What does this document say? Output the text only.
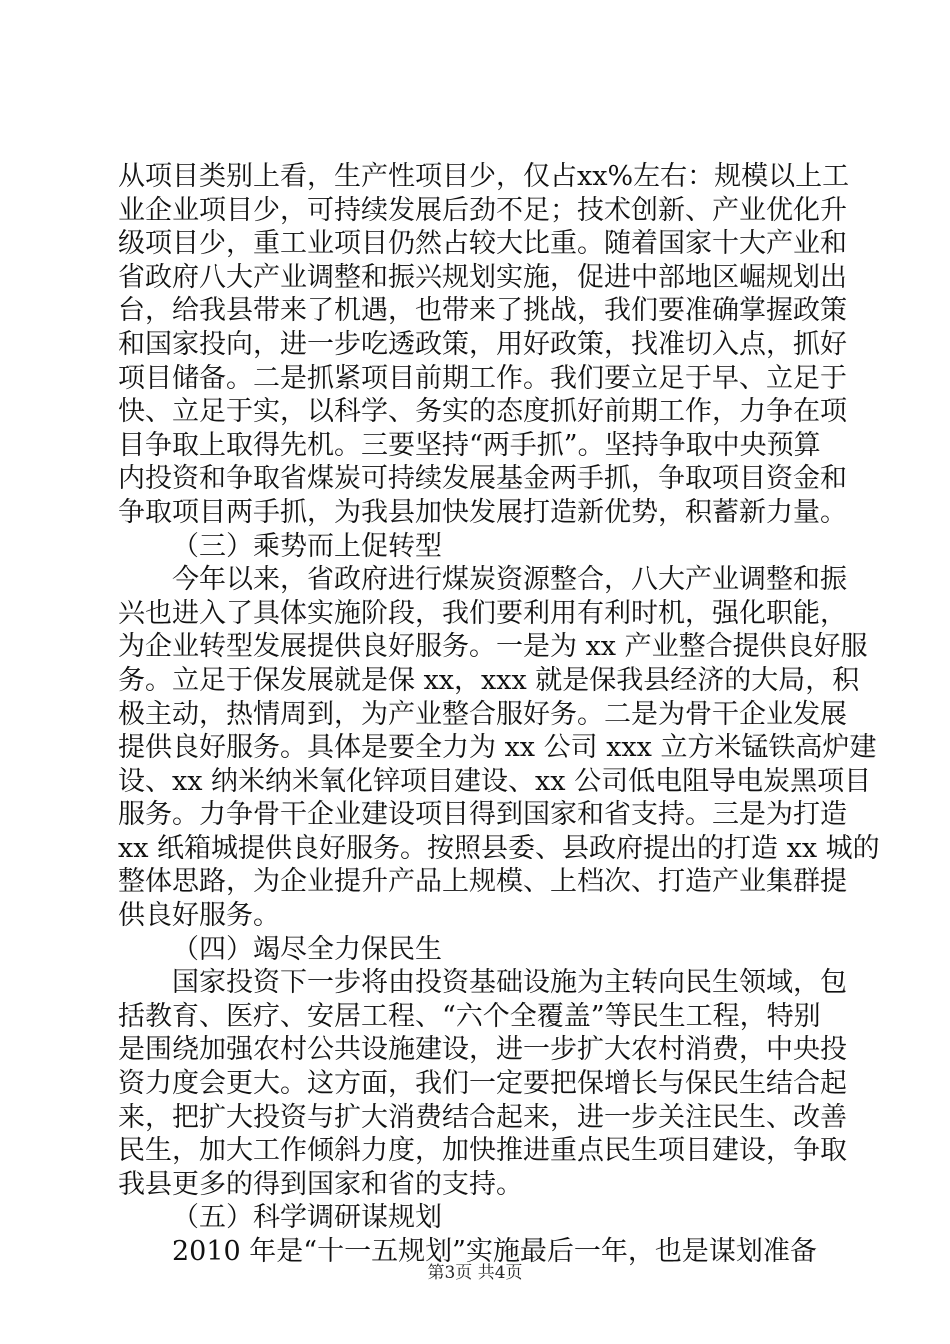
从项目类别上看，生产性项目少，仅占xx%左右：规模以上工
业企业项目少，可持续发展后劲不足；技术创新、产业优化升
级项目少，重工业项目仍然占较大比重。随着国家十大产业和
省政府八大产业调整和振兴规划实施，促进中部地区崛规划出
台，给我县带来了机遇，也带来了挑战，我们要准确掌握政策
和国家投向，进一步吃透政策，用好政策，找准切入点，抓好
项目储备。二是抓紧项目前期工作。我们要立足于早、立足于
快、立足于实，以科学、务实的态度抓好前期工作，力争在项
目争取上取得先机。三要坚持“两手抓”。坚持争取中央预算
内投资和争取省煤炭可持续发展基金两手抓，争取项目资金和
争取项目两手抓，为我县加快发展打造新优势，积蓄新力量。
（三）乘势而上促转型
今年以来，省政府进行煤炭资源整合，八大产业调整和振
兴也进入了具体实施阶段，我们要利用有利时机，强化职能，
为企业转型发展提供良好服务。一是为 xx 产业整合提供良好服
务。立足于保发展就是保 xx，xxx 就是保我县经济的大局，积
极主动，热情周到，为产业整合服好务。二是为骨干企业发展
提供良好服务。具体是要全力为 xx 公司 xxx 立方米锰铁高炉建
设、xx 纳米纳米氧化锌项目建设、xx 公司低电阻导电炭黑项目
服务。力争骨干企业建设项目得到国家和省支持。三是为打造
xx 纸箱城提供良好服务。按照县委、县政府提出的打造 xx 城的
整体思路，为企业提升产品上规模、上档次、打造产业集群提
供良好服务。
（四）竭尽全力保民生
国家投资下一步将由投资基础设施为主转向民生领域，包
括教育、医疗、安居工程、“六个全覆盖”等民生工程，特别
是围绕加强农村公共设施建设，进一步扩大农村消费，中央投
资力度会更大。这方面，我们一定要把保增长与保民生结合起
来，把扩大投资与扩大消费结合起来，进一步关注民生、改善
民生，加大工作倾斜力度，加快推进重点民生项目建设，争取
我县更多的得到国家和省的支持。
（五）科学调研谋规划
2010 年是“十一五规划”实施最后一年，也是谋划准备
第3页 共4页
